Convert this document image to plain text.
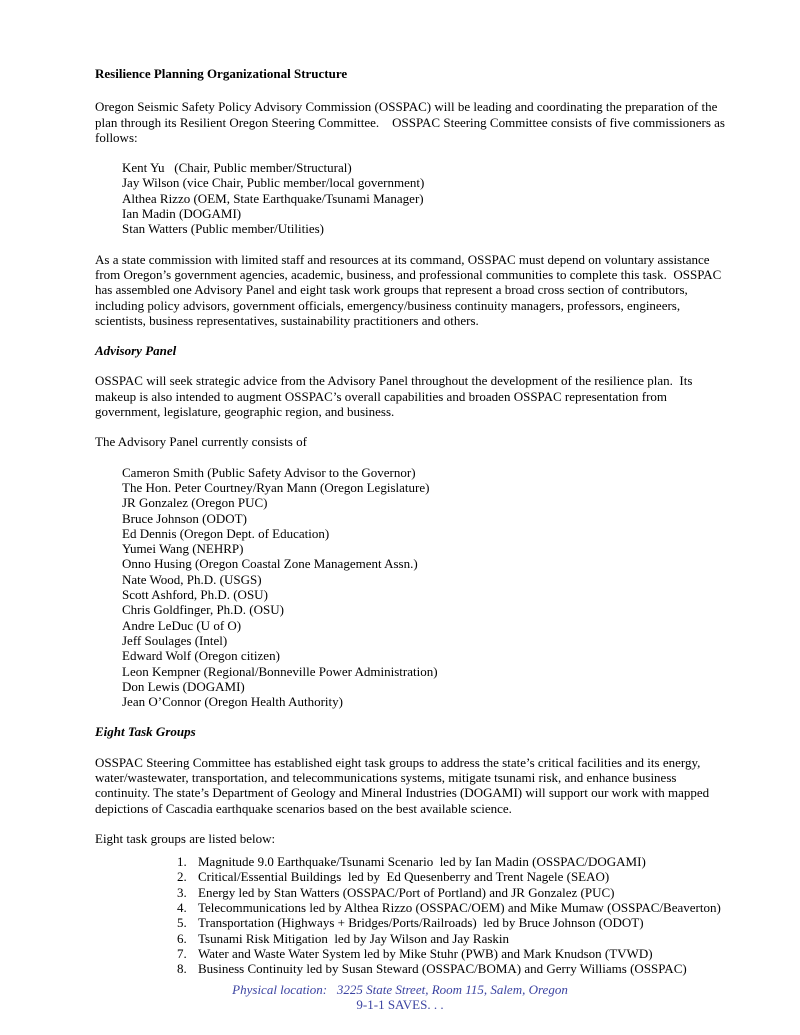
Resilience Planning Organizational Structure

Oregon Seismic Safety Policy Advisory Commission (OSSPAC) will be leading and coordinating the preparation of the plan through its Resilient Oregon Steering Committee.    OSSPAC Steering Committee consists of five commissioners as follows:

Kent Yu   (Chair, Public member/Structural)
Jay Wilson (vice Chair, Public member/local government)
Althea Rizzo (OEM, State Earthquake/Tsunami Manager)
Ian Madin (DOGAMI)
Stan Watters (Public member/Utilities)

As a state commission with limited staff and resources at its command, OSSPAC must depend on voluntary assistance from Oregon’s government agencies, academic, business, and professional communities to complete this task.  OSSPAC has assembled one Advisory Panel and eight task work groups that represent a broad cross section of contributors, including policy advisors, government officials, emergency/business continuity managers, professors, engineers, scientists, business representatives, sustainability practitioners and others.

Advisory Panel

OSSPAC will seek strategic advice from the Advisory Panel throughout the development of the resilience plan.  Its makeup is also intended to augment OSSPAC’s overall capabilities and broaden OSSPAC representation from government, legislature, geographic region, and business.

The Advisory Panel currently consists of

Cameron Smith (Public Safety Advisor to the Governor)
The Hon. Peter Courtney/Ryan Mann (Oregon Legislature)
JR Gonzalez (Oregon PUC)
Bruce Johnson (ODOT)
Ed Dennis (Oregon Dept. of Education)
Yumei Wang (NEHRP)
Onno Husing (Oregon Coastal Zone Management Assn.)
Nate Wood, Ph.D. (USGS)
Scott Ashford, Ph.D. (OSU)
Chris Goldfinger, Ph.D. (OSU)
Andre LeDuc (U of O)
Jeff Soulages (Intel)
Edward Wolf (Oregon citizen)
Leon Kempner (Regional/Bonneville Power Administration)
Don Lewis (DOGAMI)
Jean O’Connor (Oregon Health Authority)
Eight Task Groups

OSSPAC Steering Committee has established eight task groups to address the state’s critical facilities and its energy, water/wastewater, transportation, and telecommunications systems, mitigate tsunami risk, and enhance business continuity. The state’s Department of Geology and Mineral Industries (DOGAMI) will support our work with mapped depictions of Cascadia earthquake scenarios based on the best available science.

Eight task groups are listed below:

1. Magnitude 9.0 Earthquake/Tsunami Scenario  led by Ian Madin (OSSPAC/DOGAMI)
2. Critical/Essential Buildings  led by  Ed Quesenberry and Trent Nagele (SEAO)
3. Energy led by Stan Watters (OSSPAC/Port of Portland) and JR Gonzalez (PUC)
4. Telecommunications led by Althea Rizzo (OSSPAC/OEM) and Mike Mumaw (OSSPAC/Beaverton)
5. Transportation (Highways + Bridges/Ports/Railroads)  led by Bruce Johnson (ODOT)
6. Tsunami Risk Mitigation  led by Jay Wilson and Jay Raskin
7. Water and Waste Water System led by Mike Stuhr (PWB) and Mark Knudson (TVWD)
8. Business Continuity led by Susan Steward (OSSPAC/BOMA) and Gerry Williams (OSSPAC)
Physical location:   3225 State Street, Room 115, Salem, Oregon
9-1-1 SAVES. . .
